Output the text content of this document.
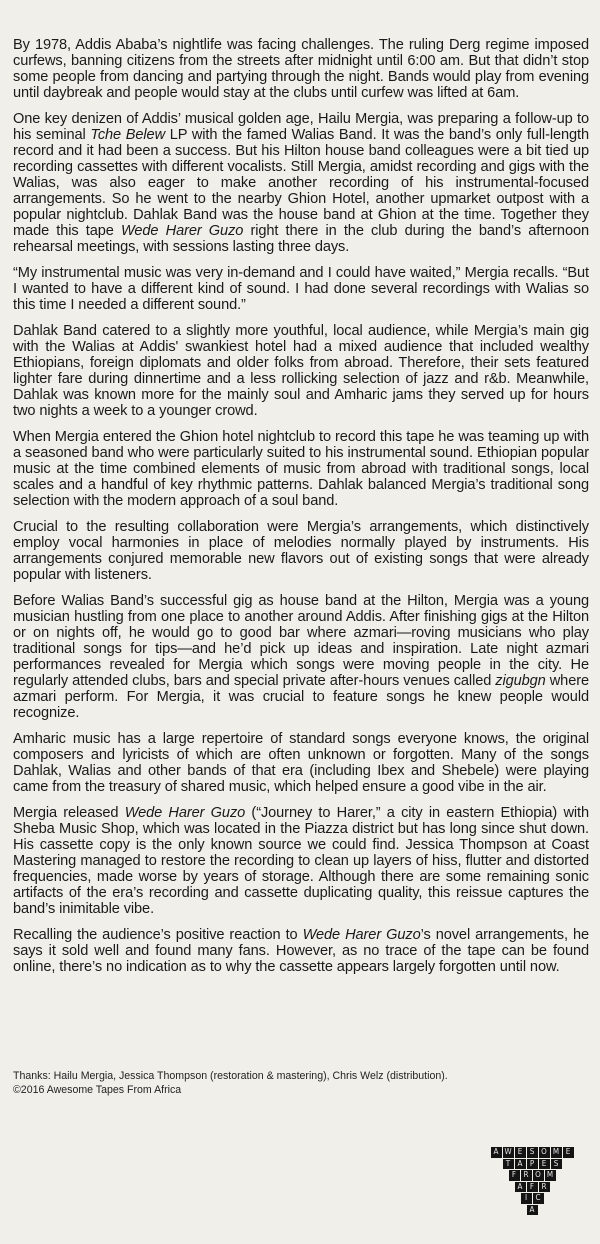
By 1978, Addis Ababa’s nightlife was facing challenges. The ruling Derg regime imposed curfews, banning citizens from the streets after midnight until 6:00 am. But that didn’t stop some people from dancing and partying through the night. Bands would play from evening until daybreak and people would stay at the clubs until curfew was lifted at 6am.

One key denizen of Addis’ musical golden age, Hailu Mergia, was preparing a follow-up to his seminal Tche Belew LP with the famed Walias Band. It was the band’s only full-length record and it had been a success. But his Hilton house band colleagues were a bit tied up recording cassettes with different vocalists. Still Mergia, amidst recording and gigs with the Walias, was also eager to make another recording of his instrumental-focused arrangements. So he went to the nearby Ghion Hotel, another upmarket outpost with a popular nightclub. Dahlak Band was the house band at Ghion at the time. Together they made this tape Wede Harer Guzo right there in the club during the band’s afternoon rehearsal meetings, with sessions lasting three days.

“My instrumental music was very in-demand and I could have waited,” Mergia recalls. “But I wanted to have a different kind of sound. I had done several recordings with Walias so this time I needed a different sound.”

Dahlak Band catered to a slightly more youthful, local audience, while Mergia’s main gig with the Walias at Addis' swankiest hotel had a mixed audience that included wealthy Ethiopians, foreign diplomats and older folks from abroad. Therefore, their sets featured lighter fare during dinnertime and a less rollicking selection of jazz and r&b. Meanwhile, Dahlak was known more for the mainly soul and Amharic jams they served up for hours two nights a week to a younger crowd.

When Mergia entered the Ghion hotel nightclub to record this tape he was teaming up with a seasoned band who were particularly suited to his instrumental sound. Ethiopian popular music at the time combined elements of music from abroad with traditional songs, local scales and a handful of key rhythmic patterns. Dahlak balanced Mergia’s traditional song selection with the modern approach of a soul band.

Crucial to the resulting collaboration were Mergia’s arrangements, which distinctively employ vocal harmonies in place of melodies normally played by instruments. His arrangements conjured memorable new flavors out of existing songs that were already popular with listeners.

Before Walias Band’s successful gig as house band at the Hilton, Mergia was a young musician hustling from one place to another around Addis. After finishing gigs at the Hilton or on nights off, he would go to good bar where azmari—roving musicians who play traditional songs for tips—and he’d pick up ideas and inspiration. Late night azmari performances revealed for Mergia which songs were moving people in the city. He regularly attended clubs, bars and special private after-hours venues called zigubgn where azmari perform. For Mergia, it was crucial to feature songs he knew people would recognize.

Amharic music has a large repertoire of standard songs everyone knows, the original composers and lyricists of which are often unknown or forgotten. Many of the songs Dahlak, Walias and other bands of that era (including Ibex and Shebele) were playing came from the treasury of shared music, which helped ensure a good vibe in the air.

Mergia released Wede Harer Guzo (“Journey to Harer,” a city in eastern Ethiopia) with Sheba Music Shop, which was located in the Piazza district but has long since shut down. His cassette copy is the only known source we could find. Jessica Thompson at Coast Mastering managed to restore the recording to clean up layers of hiss, flutter and distorted frequencies, made worse by years of storage. Although there are some remaining sonic artifacts of the era’s recording and cassette duplicating quality, this reissue captures the band’s inimitable vibe.

Recalling the audience’s positive reaction to Wede Harer Guzo’s novel arrangements, he says it sold well and found many fans. However, as no trace of the tape can be found online, there’s no indication as to why the cassette appears largely forgotten until now.

Thanks: Hailu Mergia, Jessica Thompson (restoration & mastering), Chris Welz (distribution).
©2016 Awesome Tapes From Africa
A W E S O M E
T A P E S
F R O M
A F R
I	C
A
